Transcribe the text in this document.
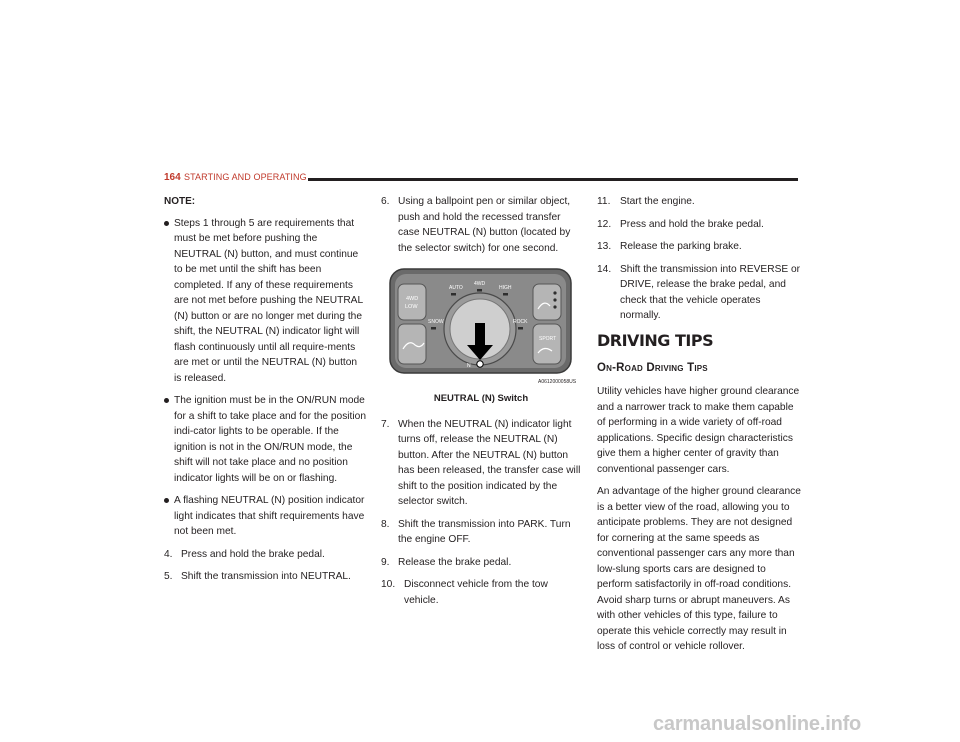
164 STARTING AND OPERATING

NOTE:

Steps 1 through 5 are requirements that must be met before pushing the NEUTRAL (N) button, and must continue to be met until the shift has been completed. If any of these requirements are not met before pushing the NEUTRAL (N) button or are no longer met during the shift, the NEUTRAL (N) indicator light will flash continuously until all require-ments are met or until the NEUTRAL (N) button is released.

The ignition must be in the ON/RUN mode for a shift to take place and for the position indi-cator lights to be operable. If the ignition is not in the ON/RUN mode, the shift will not take place and no position indicator lights will be on or flashing.

A flashing NEUTRAL (N) position indicator light indicates that shift requirements have not been met.

4. Press and hold the brake pedal.

5. Shift the transmission into NEUTRAL.

6. Using a ballpoint pen or similar object, push and hold the recessed transfer case NEUTRAL (N) button (located by the selector switch) for one second.

4WD
LOW
SPORT
AUTO
4WD
HIGH
SNOW	ROCK
N
A0612000058US

NEUTRAL (N) Switch

7. When the NEUTRAL (N) indicator light turns off, release the NEUTRAL (N) button. After the NEUTRAL (N) button has been released, the transfer case will shift to the position indicated by the selector switch.

8. Shift the transmission into PARK. Turn the engine OFF.

9. Release the brake pedal.

10. Disconnect vehicle from the tow vehicle.

11. Start the engine.

12. Press and hold the brake pedal.

13. Release the parking brake.

14. Shift the transmission into REVERSE or DRIVE, release the brake pedal, and check that the vehicle operates normally.

DRIVING TIPS

On-Road Driving Tips

Utility vehicles have higher ground clearance and a narrower track to make them capable of performing in a wide variety of off-road applications. Specific design characteristics give them a higher center of gravity than conventional passenger cars.

An advantage of the higher ground clearance is a better view of the road, allowing you to anticipate problems. They are not designed for cornering at the same speeds as conventional passenger cars any more than low-slung sports cars are designed to perform satisfactorily in off-road conditions. Avoid sharp turns or abrupt maneuvers. As with other vehicles of this type, failure to operate this vehicle correctly may result in loss of control or vehicle rollover.

carmanualsonline.info
